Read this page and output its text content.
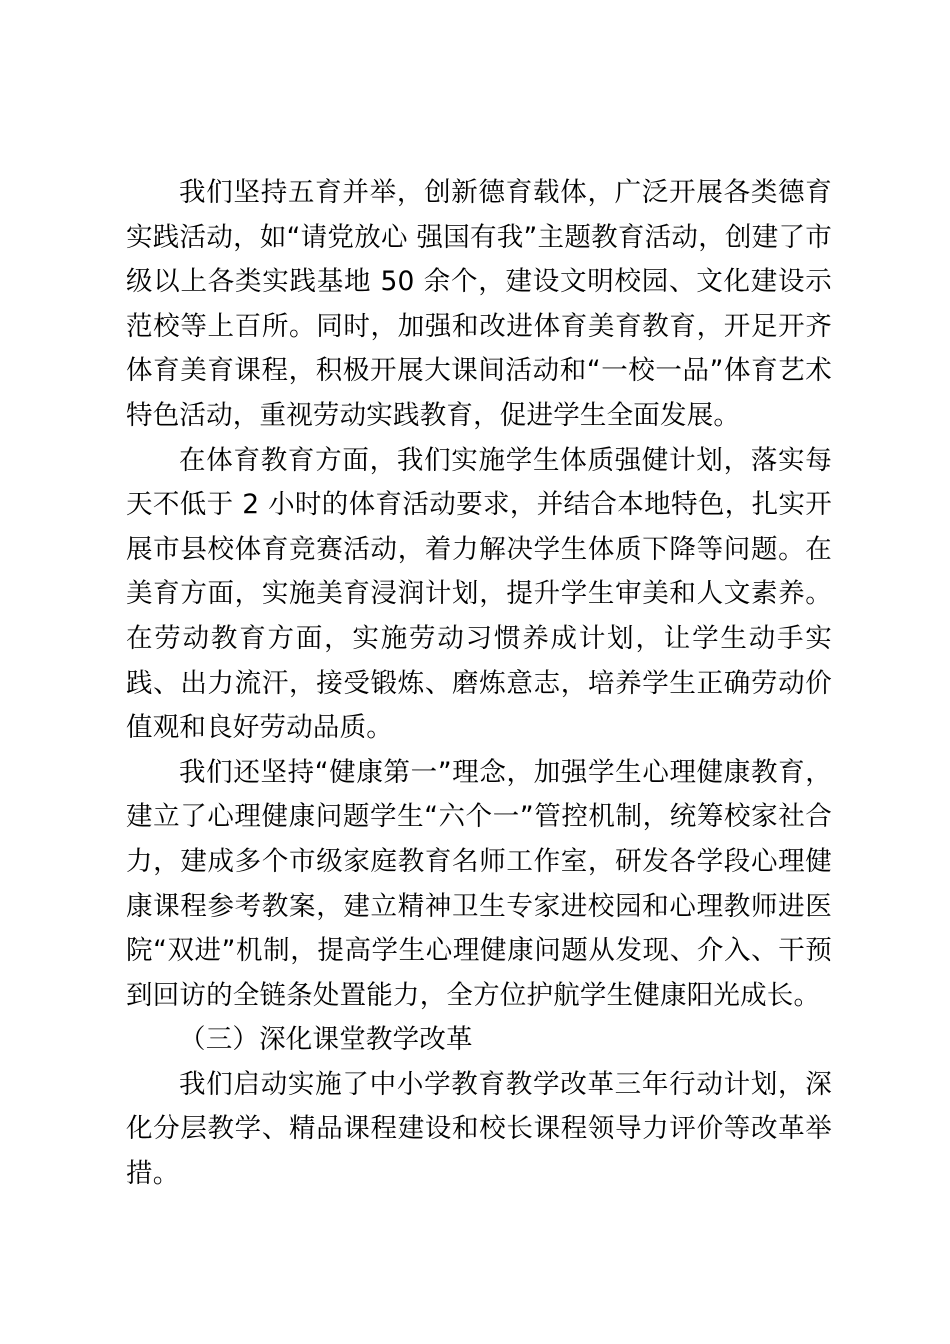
我们坚持五育并举，创新德育载体，广泛开展各类德育实践活动，如“请党放心 强国有我”主题教育活动，创建了市级以上各类实践基地 50 余个，建设文明校园、文化建设示范校等上百所。同时，加强和改进体育美育教育，开足开齐体育美育课程，积极开展大课间活动和“一校一品”体育艺术特色活动，重视劳动实践教育，促进学生全面发展。

在体育教育方面，我们实施学生体质强健计划，落实每天不低于 2 小时的体育活动要求，并结合本地特色，扎实开展市县校体育竞赛活动，着力解决学生体质下降等问题。在美育方面，实施美育浸润计划，提升学生审美和人文素养。在劳动教育方面，实施劳动习惯养成计划，让学生动手实践、出力流汗，接受锻炼、磨炼意志，培养学生正确劳动价值观和良好劳动品质。

我们还坚持“健康第一”理念，加强学生心理健康教育，建立了心理健康问题学生“六个一”管控机制，统筹校家社合力，建成多个市级家庭教育名师工作室，研发各学段心理健康课程参考教案，建立精神卫生专家进校园和心理教师进医院“双进”机制，提高学生心理健康问题从发现、介入、干预到回访的全链条处置能力，全方位护航学生健康阳光成长。

（三）深化课堂教学改革

我们启动实施了中小学教育教学改革三年行动计划，深化分层教学、精品课程建设和校长课程领导力评价等改革举措。
